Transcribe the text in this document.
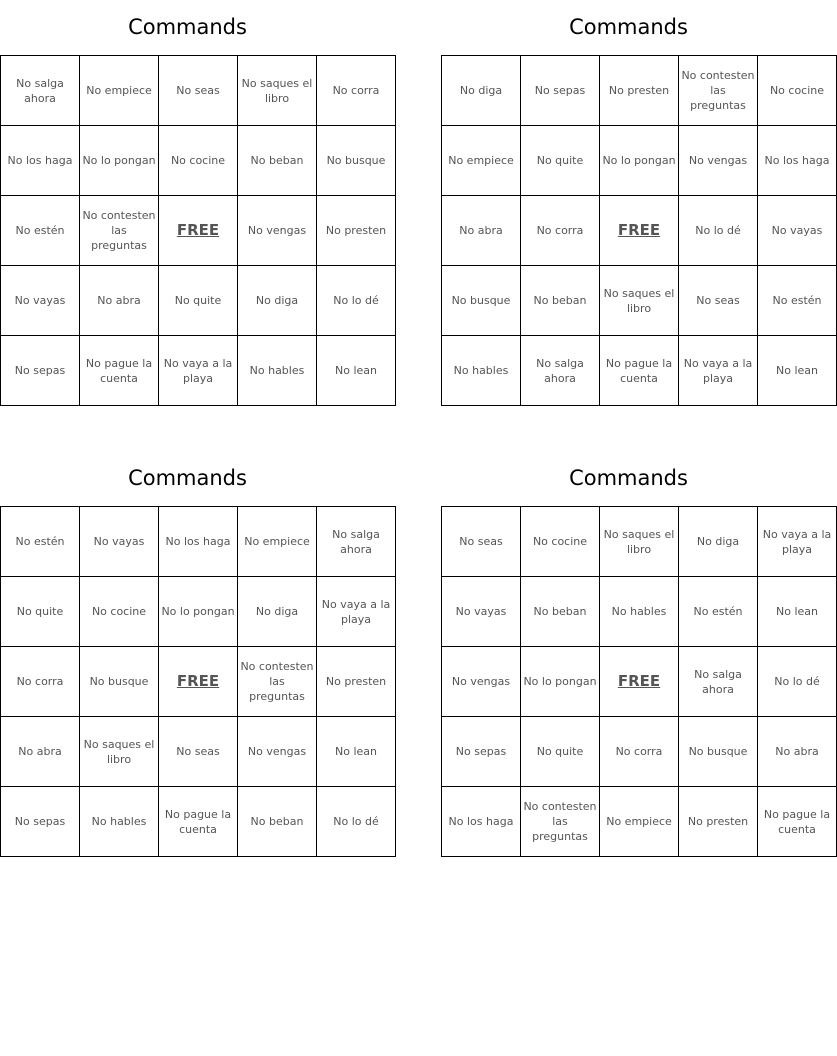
Commands
No salga ahora	No empiece	No seas	No saques el libro	No corra
No los haga	No lo pongan	No cocine	No beban	No busque
No estén	No contesten las preguntas	FREE	No vengas	No presten
No vayas	No abra	No quite	No diga	No lo dé
No sepas	No pague la cuenta	No vaya a la playa	No hables	No lean
Commands
No diga	No sepas	No presten	No contesten las preguntas	No cocine
No empiece	No quite	No lo pongan	No vengas	No los haga
No abra	No corra	FREE	No lo dé	No vayas
No busque	No beban	No saques el libro	No seas	No estén
No hables	No salga ahora	No pague la cuenta	No vaya a la playa	No lean
Commands
No estén	No vayas	No los haga	No empiece	No salga ahora
No quite	No cocine	No lo pongan	No diga	No vaya a la playa
No corra	No busque	FREE	No contesten las preguntas	No presten
No abra	No saques el libro	No seas	No vengas	No lean
No sepas	No hables	No pague la cuenta	No beban	No lo dé
Commands
No seas	No cocine	No saques el libro	No diga	No vaya a la playa
No vayas	No beban	No hables	No estén	No lean
No vengas	No lo pongan	FREE	No salga ahora	No lo dé
No sepas	No quite	No corra	No busque	No abra
No los haga	No contesten las preguntas	No empiece	No presten	No pague la cuenta
